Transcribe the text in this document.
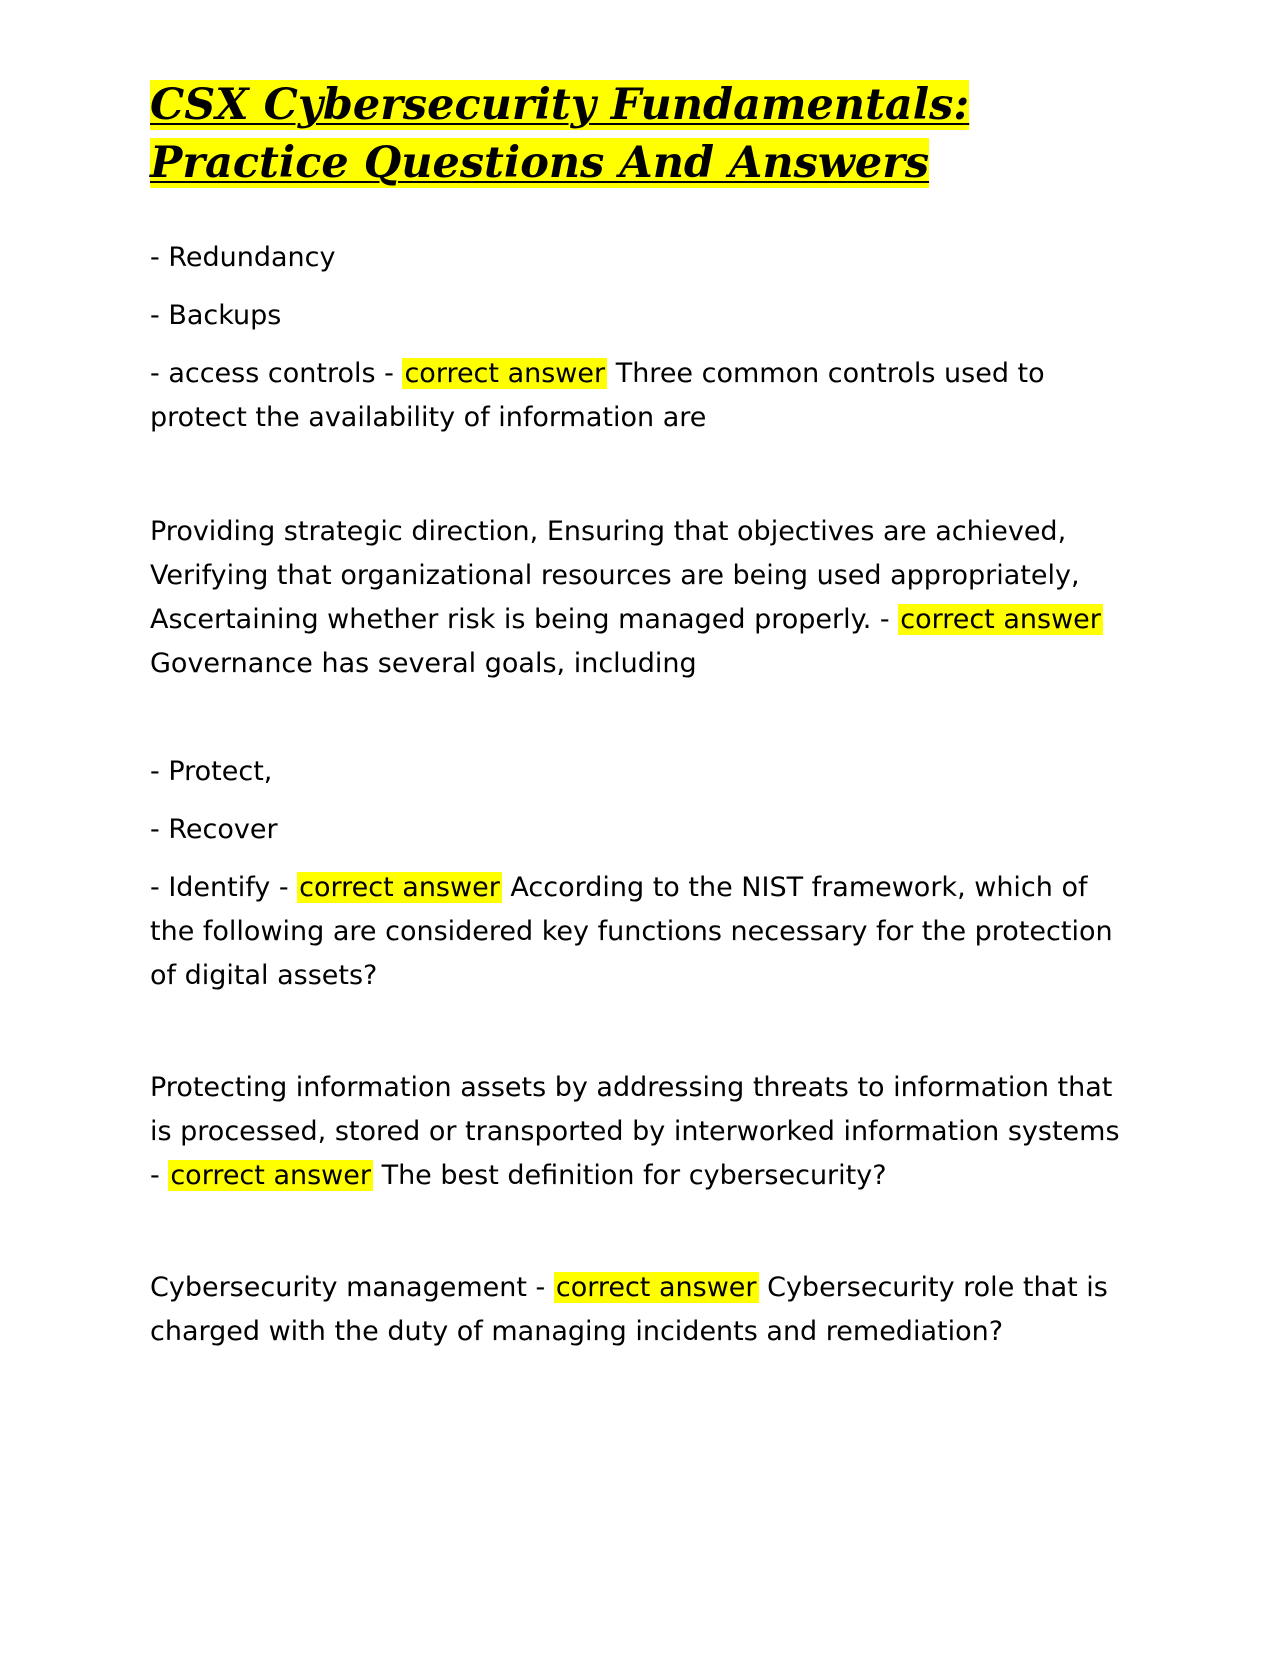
CSX Cybersecurity Fundamentals: Practice Questions And Answers
- Redundancy
- Backups

- access controls - correct answer Three common controls used to protect the availability of information are

Providing strategic direction, Ensuring that objectives are achieved, Verifying that organizational resources are being used appropriately, Ascertaining whether risk is being managed properly. - correct answer Governance has several goals, including

- Protect,
- Recover

- Identify - correct answer According to the NIST framework, which of the following are considered key functions necessary for the protection of digital assets?

Protecting information assets by addressing threats to information that is processed, stored or transported by interworked information systems - correct answer The best definition for cybersecurity?

Cybersecurity management - correct answer Cybersecurity role that is charged with the duty of managing incidents and remediation?
